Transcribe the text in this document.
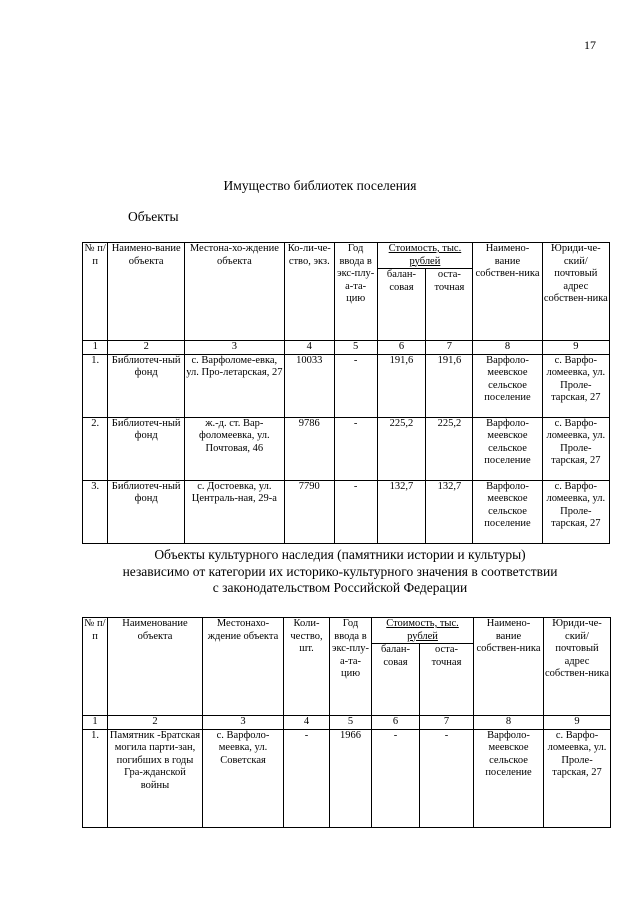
17
Имущество библиотек поселения
Объекты
№ п/п	Наимено-вание объекта	Местона-хо-ждение объекта	Ко-ли-че-ство, экз.	Год ввода в экс-плу-а-та-цию	Стоимость, тыс. рублей		Наимено-вание собствен-ника	Юриди-че-ский/ почтовый адрес собствен-ника
					балан-совая	оста-точная		
1	2	3	4	5	6	7	8	9
1.	Библиотеч-ный фонд	с. Варфоломе-евка, ул. Про-летарская, 27	10033	-	191,6	191,6	Варфоло-меевское сельское поселение	с. Варфо-ломеевка, ул. Проле-тарская, 27
2.	Библиотеч-ный фонд	ж.-д. ст. Вар-фоломеевка, ул. Почтовая, 46	9786	-	225,2	225,2	Варфоло-меевское сельское поселение	с. Варфо-ломеевка, ул. Проле-тарская, 27
3.	Библиотеч-ный фонд	с. Достоевка, ул. Централь-ная, 29-а	7790	-	132,7	132,7	Варфоло-меевское сельское поселение	с. Варфо-ломеевка, ул. Проле-тарская, 27
Объекты культурного наследия (памятники истории и культуры)
независимо от категории их историко-культурного значения в соответствии
с законодательством Российской Федерации
№ п/п	Наименование объекта	Местонахо-ждение объекта	Коли-чество, шт.	Год ввода в экс-плу-а-та-цию	Стоимость, тыс. рублей		Наимено-вание собствен-ника	Юриди-че-ский/ почтовый адрес собствен-ника
					балан-совая	оста-точная		
1	2	3	4	5	6	7	8	9
1.	Памятник -Братская могила парти-зан, погибших в годы Гра-жданской войны	с. Варфоло-меевка, ул. Советская	-	1966	-	-	Варфоло-меевское сельское поселение	с. Варфо-ломеевка, ул. Проле-тарская, 27
